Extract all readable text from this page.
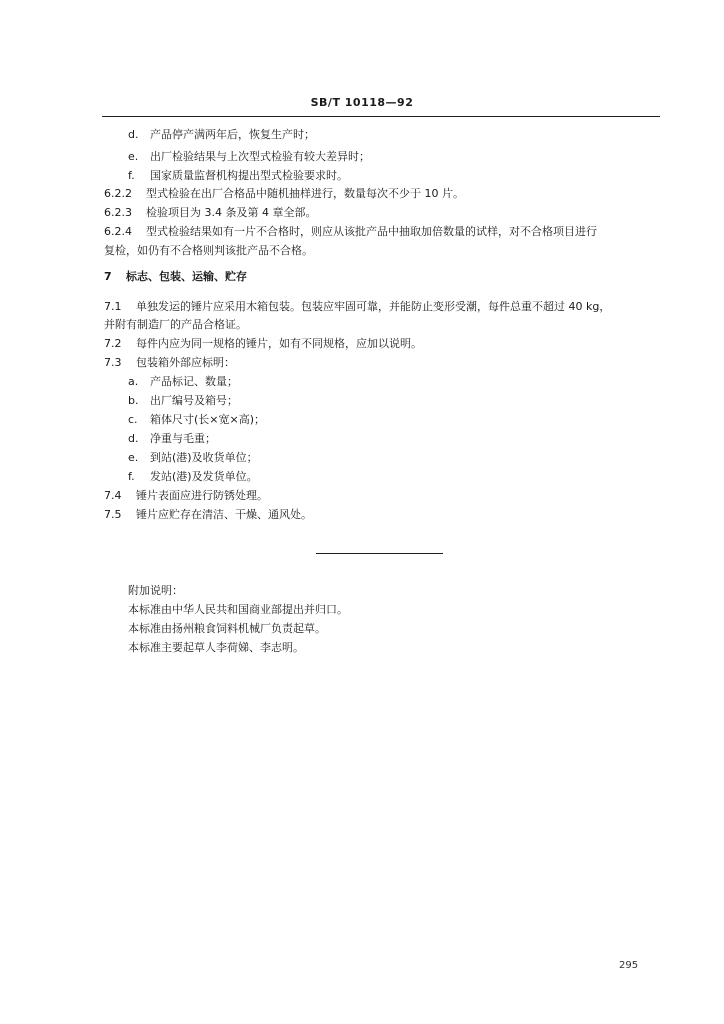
SB/T 10118—92
d. 产品停产满两年后，恢复生产时；
e. 出厂检验结果与上次型式检验有较大差异时；
f. 国家质量监督机构提出型式检验要求时。
6.2.2 型式检验在出厂合格品中随机抽样进行，数量每次不少于 10 片。
6.2.3 检验项目为 3.4 条及第 4 章全部。
6.2.4 型式检验结果如有一片不合格时，则应从该批产品中抽取加倍数量的试样，对不合格项目进行
复检，如仍有不合格则判该批产品不合格。
7 标志、包装、运输、贮存
7.1 单独发运的锤片应采用木箱包装。包装应牢固可靠，并能防止变形受潮，每件总重不超过 40 kg，
并附有制造厂的产品合格证。
7.2 每件内应为同一规格的锤片，如有不同规格，应加以说明。
7.3 包装箱外部应标明：
a. 产品标记、数量；
b. 出厂编号及箱号；
c. 箱体尺寸(长×宽×高)；
d. 净重与毛重；
e. 到站(港)及收货单位；
f. 发站(港)及发货单位。
7.4 锤片表面应进行防锈处理。
7.5 锤片应贮存在清洁、干燥、通风处。
附加说明：
本标准由中华人民共和国商业部提出并归口。
本标准由扬州粮食饲料机械厂负责起草。
本标准主要起草人李荷娣、李志明。
295
